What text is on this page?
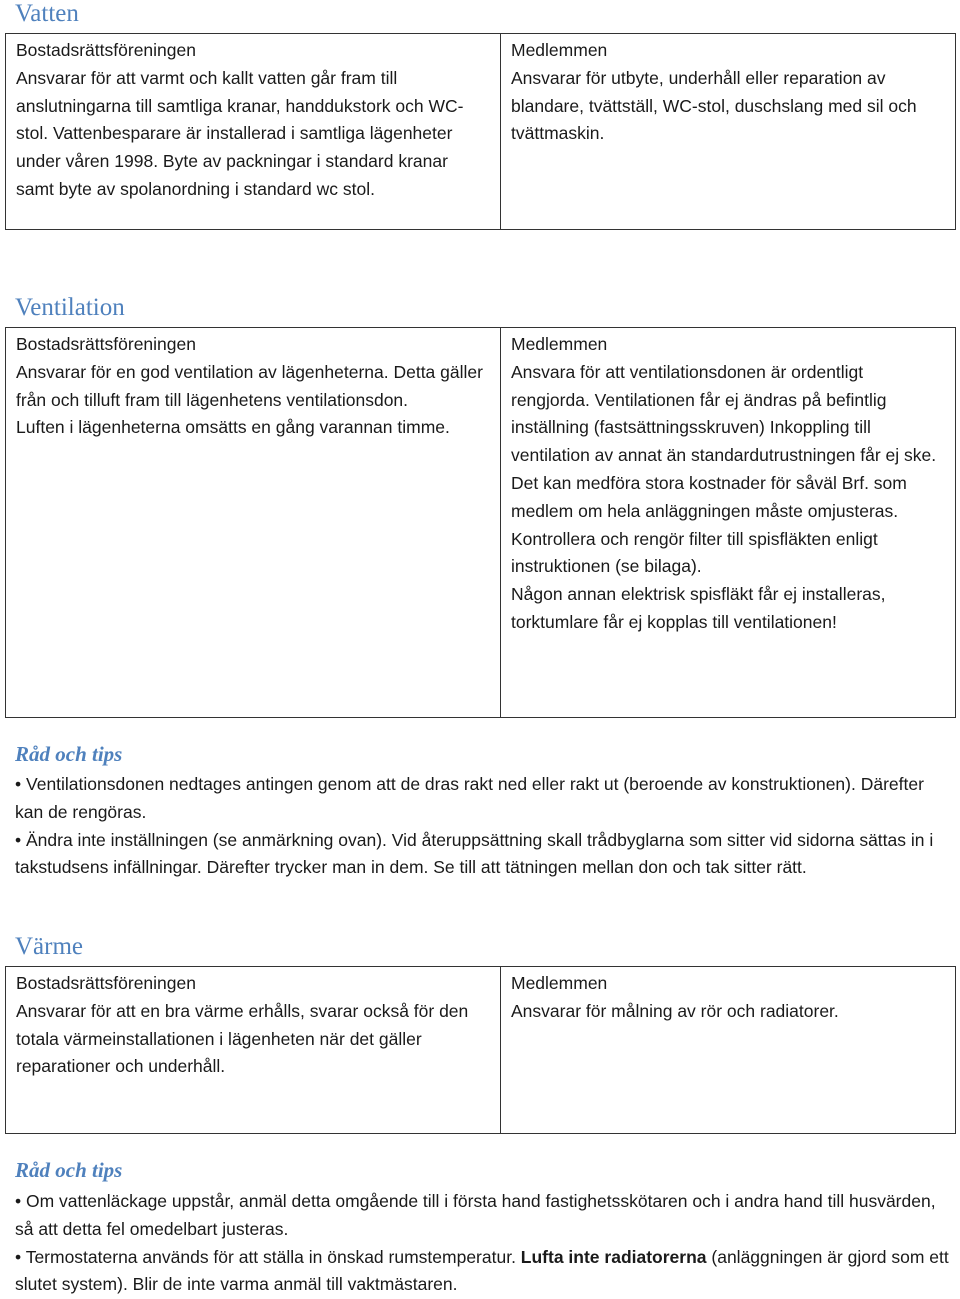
Vatten
Bostadsrättsföreningen
Ansvarar för att varmt och kallt vatten går fram till anslutningarna till samtliga kranar, handdukstork och WC-stol. Vattenbesparare är installerad i samtliga lägenheter under våren 1998. Byte av packningar i standard kranar samt byte av spolanordning i standard wc stol.	
Medlemmen
Ansvarar för utbyte, underhåll eller reparation av blandare, tvättställ, WC-stol, duschslang med sil och tvättmaskin.
Ventilation
Bostadsrättsföreningen
Ansvarar för en god ventilation av lägenheterna. Detta gäller från och tilluft fram till lägenhetens ventilationsdon.
Luften i lägenheterna omsätts en gång varannan timme.	
Medlemmen
Ansvara för att ventilationsdonen är ordentligt rengjorda. Ventilationen får ej ändras på befintlig inställning (fastsättningsskruven) Inkoppling till ventilation av annat än standardutrustningen får ej ske. Det kan medföra stora kostnader för såväl Brf. som medlem om hela anläggningen måste omjusteras.
Kontrollera och rengör filter till spisfläkten enligt instruktionen (se bilaga).
Någon annan elektrisk spisfläkt får ej installeras, torktumlare får ej kopplas till ventilationen!
Råd och tips
• Ventilationsdonen nedtages antingen genom att de dras rakt ned eller rakt ut (beroende av konstruktionen). Därefter kan de rengöras.
• Ändra inte inställningen (se anmärkning ovan). Vid återuppsättning skall trådbyglarna som sitter vid sidorna sättas in i takstudsens infällningar. Därefter trycker man in dem. Se till att tätningen mellan don och tak sitter rätt.
Värme
Bostadsrättsföreningen
Ansvarar för att en bra värme erhålls, svarar också för den totala värmeinstallationen i lägenheten när det gäller reparationer och underhåll.	
Medlemmen
Ansvarar för målning av rör och radiatorer.
Råd och tips
• Om vattenläckage uppstår, anmäl detta omgående till i första hand fastighetsskötaren och i andra hand till husvärden, så att detta fel omedelbart justeras.
• Termostaterna används för att ställa in önskad rumstemperatur. Lufta inte radiatorerna (anläggningen är gjord som ett slutet system). Blir de inte varma anmäl till vaktmästaren.
